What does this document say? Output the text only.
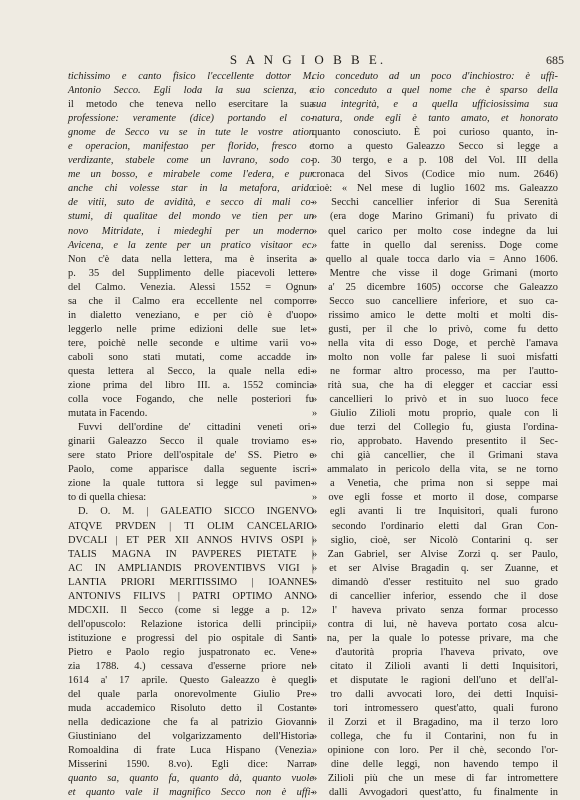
S A N G I O B B E.	685
tichissimo e canto fisico l'eccellente dottor M.
Antonio Secco. Egli loda la sua scienza, e
il metodo che teneva nello esercitare la sua
professione: veramente (dice) portando el co-
gnome de Secco vu se in tute le vostre ation
e operacion, manifestao per florido, fresco e
verdizante, stabele come un lavrano, sodo co-
me un bosso, e mirabele come l'edera, e pur
anche chi volesse star in la metafora, arido
de vitii, suto de avidità, e secco di mali co-
stumi, di qualitae del mondo ve tien per un
novo Mitridate, i miedeghi per un moderno
Avicena, e la zente per un pratico visitaor ec.
Non c'è data nella lettera, ma è inserita a
p. 35 del Supplimento delle piacevoli lettere
del Calmo. Venezia. Alessi 1552 = Ognun
sa che il Calmo era eccellente nel comporre
in dialetto veneziano, e per ciò è d'uopo
leggerlo nelle prime edizioni delle sue let-
tere, poichè nelle seconde e ultime varii vo-
caboli sono stati mutati, come accadde in
questa lettera al Secco, la quale nella edi-
zione prima del libro III. a. 1552 comincia
colla voce Fogando, che nelle posteriori fu
mutata in Facendo.
Fuvvi dell'ordine de' cittadini veneti ori-
ginarii Galeazzo Secco il quale troviamo es-
sere stato Priore dell'ospitale de' SS. Pietro e
Paolo, come apparisce dalla seguente iscri-
zione la quale tuttora si legge sul pavimen-
to di quella chiesa:
D. O. M. | GALEATIO SICCO INGENVO
ATQVE PRVDEN | TI OLIM CANCELARIO
DVCALI | ET PER XII ANNOS HVIVS OSPI |
TALIS MAGNA IN PAVPERES PIETATE |
AC IN AMPLIANDIS PROVENTIBVS VIGI |
LANTIA PRIORI MERITISSIMO | IOANNES
ANTONIVS FILIVS | PATRI OPTIMO ANNO
MDCXII. Il Secco (come si legge a p. 12.
dell'opuscolo: Relazione istorica delli principii,
istituzione e progressi del pio ospitale di Santi
Pietro e Paolo regio juspatronato ec. Vene-
zia 1788. 4.) cessava d'esserne priore nel
1614 a' 17 aprile. Questo Galeazzo è quegli
del quale parla onorevolmente Giulio Pre-
muda accademico Risoluto detto il Costante
nella dedicazione che fa al patrizio Giovanni
Giustiniano del volgarizzamento dell'Historia
Romoaldina di frate Luca Hispano (Venezia.
Misserini 1590. 8.vo). Egli dice: Narrar
quanto sa, quanto fa, quanto dà, quanto vuole
et quanto vale il magnifico Secco non è uffi-
cio conceduto ad un poco d'inchiostro: è uffi-
cio conceduto a quel nome che è sparso della
sua integrità, e a quella ufficiosissima sua
natura, onde egli è tanto amato, et honorato
quanto conosciuto. È poi curioso quanto, in-
torno a questo Galeazzo Secco si legge a
p. 30 tergo, e a p. 108 del Vol. III della
cronaca del Sivos (Codice mio num. 2646)
cioè: « Nel mese di luglio 1602 ms. Galeazzo
» Secchi cancellier inferior di Sua Serenità
» (era doge Marino Grimani) fu privato di
» quel carico per molto cose indegne da lui
» fatte in quello dal sereniss. Doge come
» quello al quale tocca darlo via = Anno 1606.
» Mentre che visse il doge Grimani (morto
» a' 25 dicembre 1605) occorse che Galeazzo
» Secco suo cancelliere inferiore, et suo ca-
» rissimo amico le dette molti et molti dis-
» gusti, per il che lo privò, come fu detto
» nella vita di esso Doge, et perchè l'amava
» molto non volle far palese li suoi misfatti
» ne formar altro processo, ma per l'autto-
» rità sua, che ha di elegger et cacciar essi
» cancellieri lo privò et in suo luoco fece
» Giulio Zilioli motu proprio, quale con li
» due terzi del Collegio fu, giusta l'ordina-
» rio, approbato. Havendo presentito il Sec-
» chi già cancellier, che il Grimani stava
» ammalato in pericolo della vita, se ne torno
» a Venetia, che prima non si seppe mai
» ove egli fosse et morto il dose, comparse
» egli avanti li tre Inquisitori, quali furono
» secondo l'ordinario eletti dal Gran Con-
» siglio, cioè, ser Nicolò Contarini q. ser
» Zan Gabriel, ser Alvise Zorzi q. ser Paulo,
» et ser Alvise Bragadin q. ser Zuanne, et
» dimandò d'esser restituito nel suo grado
» di cancellier inferior, essendo che il dose
» l' haveva privato senza formar processo
» contra di lui, nè haveva portato cosa alcu-
» na, per la quale lo potesse privare, ma che
» d'autorità propria l'haveva privato, ove
» citato il Zilioli avanti li detti Inquisitori,
» et disputate le ragioni dell'uno et dell'al-
» tro dalli avvocati loro, dei detti Inquisi-
» tori intromessero quest'atto, quali furono
» il Zorzi et il Bragadino, ma il terzo loro
» collega, che fu il Contarini, non fu in
» opinione con loro. Per il chè, secondo l'or-
» dine delle leggi, non havendo tempo il
» Zilioli più che un mese di far intromettere
» dalli Avvogadori quest'atto, fu finalmente in
